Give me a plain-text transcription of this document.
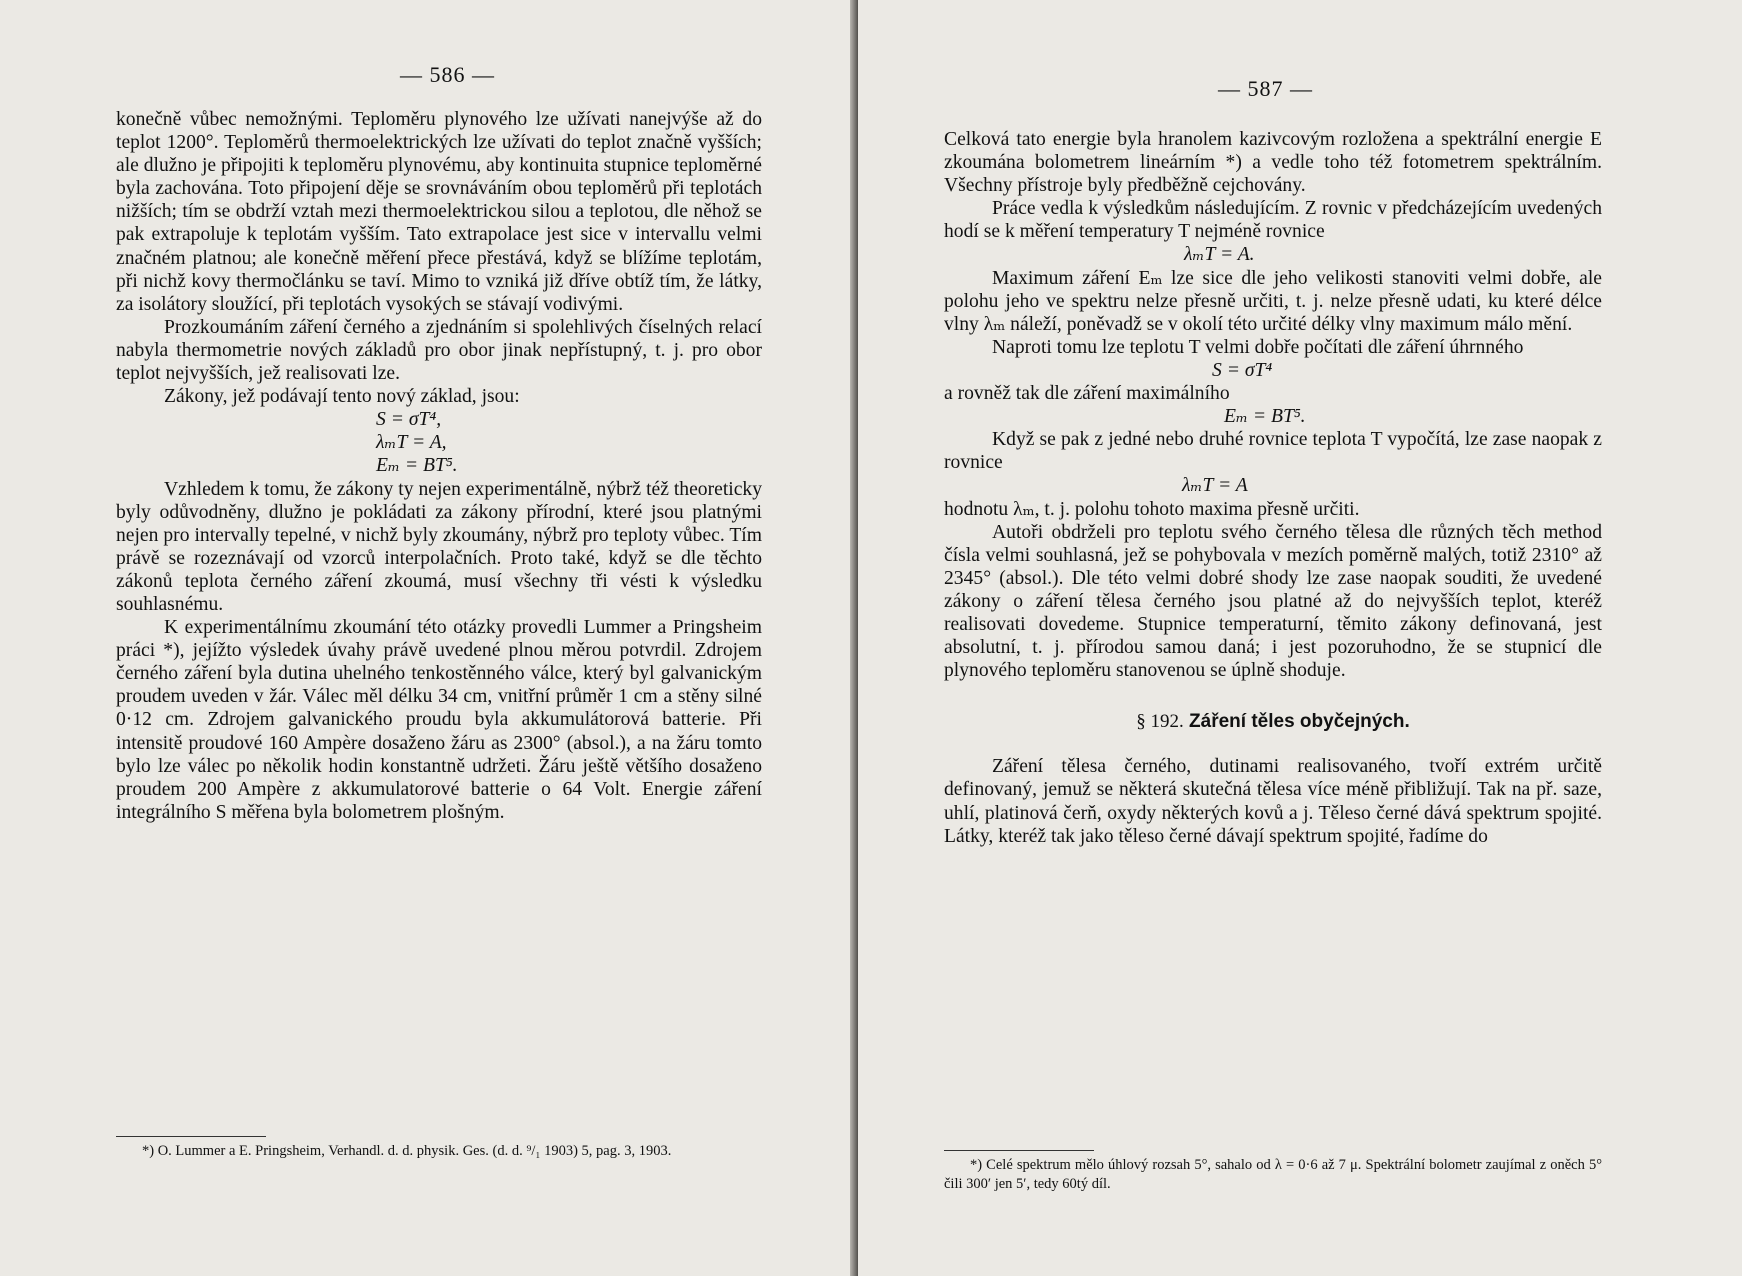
— 586 —

konečně vůbec nemožnými. Teploměru plynového lze užívati nanejvýše až do teplot 1200°. Teploměrů thermoelektrických lze užívati do teplot značně vyšších; ale dlužno je připojiti k teploměru plynovému, aby kontinuita stupnice teploměrné byla zachována. Toto připojení děje se srovnáváním obou teploměrů při teplotách nižších; tím se obdrží vztah mezi thermoelektrickou silou a teplotou, dle něhož se pak extrapoluje k teplotám vyšším. Tato extrapolace jest sice v intervallu velmi značném platnou; ale konečně měření přece přestává, když se blížíme teplotám, při nichž kovy thermočlánku se taví. Mimo to vzniká již dříve obtíž tím, že látky, za isolátory sloužící, při teplotách vysokých se stávají vodivými.

Prozkoumáním záření černého a zjednáním si spolehlivých číselných relací nabyla thermometrie nových základů pro obor jinak nepřístupný, t. j. pro obor teplot nejvyšších, jež realisovati lze.

Zákony, jež podávají tento nový základ, jsou:

S = σT⁴,

λₘT = A,

Eₘ = BT⁵.

Vzhledem k tomu, že zákony ty nejen experimentálně, nýbrž též theoreticky byly odůvodněny, dlužno je pokládati za zákony přírodní, které jsou platnými nejen pro intervally tepelné, v nichž byly zkoumány, nýbrž pro teploty vůbec. Tím právě se rozeznávají od vzorců interpolačních. Proto také, když se dle těchto zákonů teplota černého záření zkoumá, musí všechny tři vésti k výsledku souhlasnému.

K experimentálnímu zkoumání této otázky provedli Lummer a Pringsheim práci *), jejížto výsledek úvahy právě uvedené plnou měrou potvrdil. Zdrojem černého záření byla dutina uhelného tenkostěnného válce, který byl galvanickým proudem uveden v žár. Válec měl délku 34 cm, vnitřní průměr 1 cm a stěny silné 0·12 cm. Zdrojem galvanického proudu byla akkumulátorová batterie. Při intensitě proudové 160 Ampère dosaženo žáru as 2300° (absol.), a na žáru tomto bylo lze válec po několik hodin konstantně udržeti. Žáru ještě většího dosaženo proudem 200 Ampère z akkumulatorové batterie o 64 Volt. Energie záření integrálního S měřena byla bolometrem plošným.

*) O. Lummer a E. Pringsheim, Verhandl. d. d. physik. Ges. (d. d. ⁹/₁ 1903) 5, pag. 3, 1903.

— 587 —

Celková tato energie byla hranolem kazivcovým rozložena a spektrální energie E zkoumána bolometrem lineárním *) a vedle toho též fotometrem spektrálním. Všechny přístroje byly předběžně cejchovány.

Práce vedla k výsledkům následujícím. Z rovnic v předcházejícím uvedených hodí se k měření temperatury T nejméně rovnice

λₘT = A.

Maximum záření Eₘ lze sice dle jeho velikosti stanoviti velmi dobře, ale polohu jeho ve spektru nelze přesně určiti, t. j. nelze přesně udati, ku které délce vlny λₘ náleží, poněvadž se v okolí této určité délky vlny maximum málo mění.

Naproti tomu lze teplotu T velmi dobře počítati dle záření úhrnného

S = σT⁴

a rovněž tak dle záření maximálního

Eₘ = BT⁵.

Když se pak z jedné nebo druhé rovnice teplota T vypočítá, lze zase naopak z rovnice

λₘT = A

hodnotu λₘ, t. j. polohu tohoto maxima přesně určiti.

Autoři obdrželi pro teplotu svého černého tělesa dle různých těch method čísla velmi souhlasná, jež se pohybovala v mezích poměrně malých, totiž 2310° až 2345° (absol.). Dle této velmi dobré shody lze zase naopak souditi, že uvedené zákony o záření tělesa černého jsou platné až do nejvyšších teplot, kteréž realisovati dovedeme. Stupnice temperaturní, těmito zákony definovaná, jest absolutní, t. j. přírodou samou daná; i jest pozoruhodno, že se stupnicí dle plynového teploměru stanovenou se úplně shoduje.

§ 192. Záření těles obyčejných.

Záření tělesa černého, dutinami realisovaného, tvoří extrém určitě definovaný, jemuž se některá skutečná tělesa více méně přibližují. Tak na př. saze, uhlí, platinová čerň, oxydy některých kovů a j. Těleso černé dává spektrum spojité. Látky, kteréž tak jako těleso černé dávají spektrum spojité, řadíme do

*) Celé spektrum mělo úhlový rozsah 5°, sahalo od λ = 0·6 až 7 μ. Spektrální bolometr zaujímal z oněch 5° čili 300′ jen 5′, tedy 60tý díl.
